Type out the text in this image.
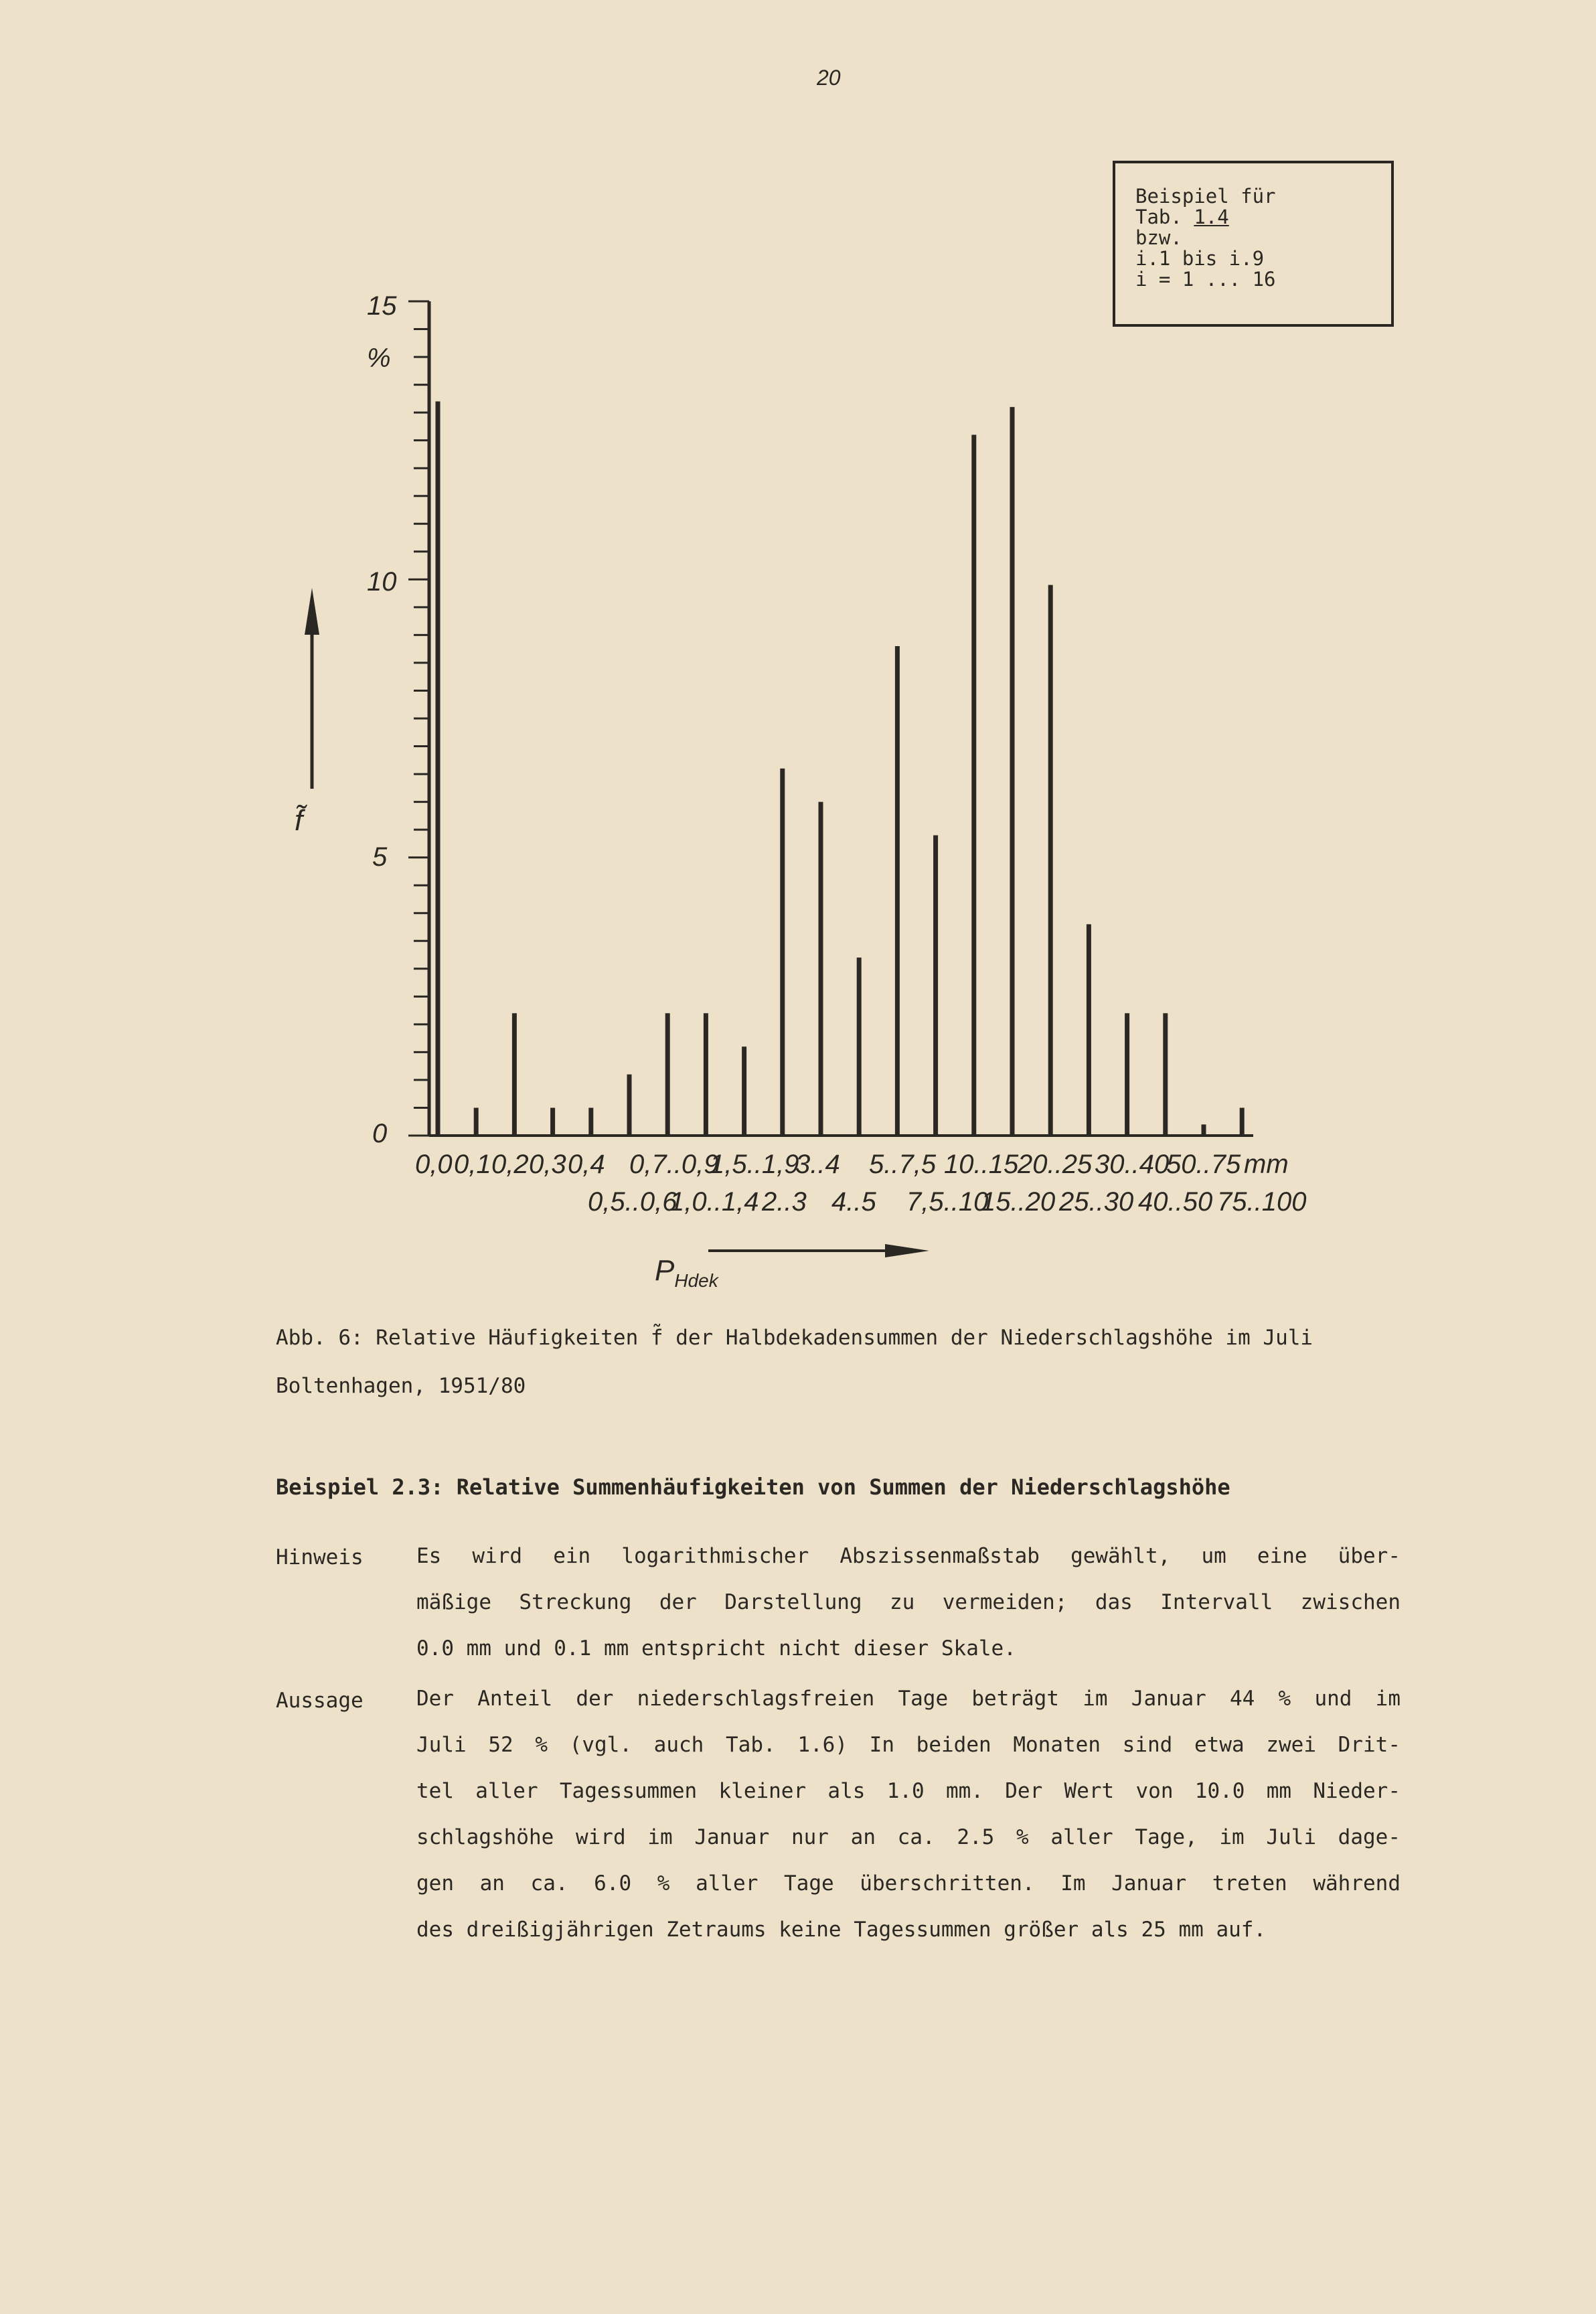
20
Beispiel für
Tab. 1.4
bzw.
i.1 bis i.9
i = 1 ... 16
15
%
10
5
0
f̃
0,0 0,1 0,2 0,3 0,4 0,7..0,9
1,5..1,9
3..4 5..7,5 10..15
20..25 30..40
50..75 mm
0,5..0,6
1,0..1,4 2..3 4..5 7,5..10
15..20 25..30 40..50 75..100
$P_{Hdek}$
Abb. 6: Relative Häufigkeiten f̃ der Halbdekadensummen der Niederschlagshöhe im Juli
Boltenhagen, 1951/80
Beispiel 2.3: Relative Summenhäufigkeiten von Summen der Niederschlagshöhe
Hinweis	Es wird ein logarithmischer Abszissenmaßstab gewählt, um eine über-
mäßige Streckung der Darstellung zu vermeiden; das Intervall zwischen
0.0 mm und 0.1 mm entspricht nicht dieser Skale.
Aussage	Der Anteil der niederschlagsfreien Tage beträgt im Januar 44 % und im
Juli 52 % (vgl. auch Tab. 1.6) In beiden Monaten sind etwa zwei Drit-
tel aller Tagessummen kleiner als 1.0 mm. Der Wert von 10.0 mm Nieder-
schlagshöhe wird im Januar nur an ca. 2.5 % aller Tage, im Juli dage-
gen an ca. 6.0 % aller Tage überschritten. Im Januar treten während
des dreißigjährigen Zetraums keine Tagessummen größer als 25 mm auf.
